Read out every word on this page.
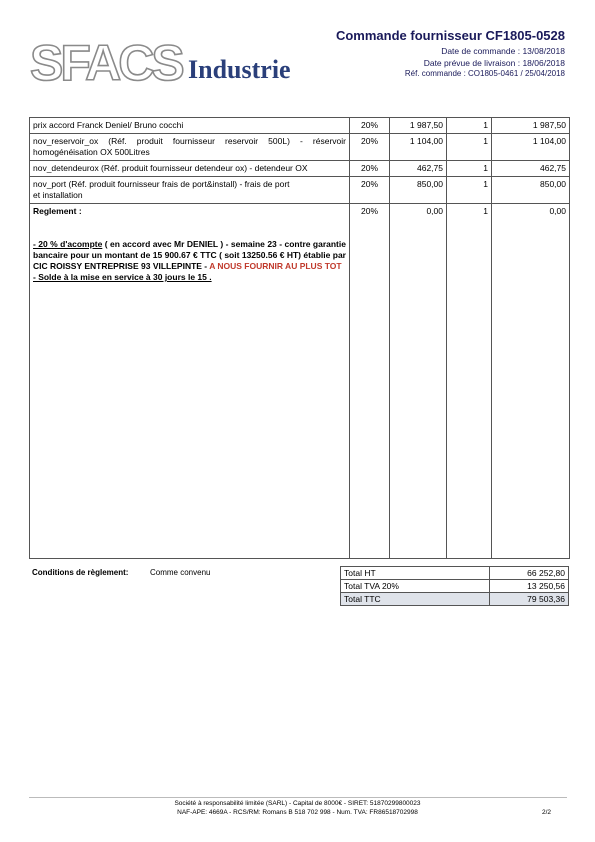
SFACS Industrie
Commande fournisseur CF1805-0528
Date de commande : 13/08/2018
Date prévue de livraison : 18/06/2018
Réf. commande : CO1805-0461 / 25/04/2018
prix accord Franck Deniel/ Bruno cocchi	20%	1 987,50	1	1 987,50
nov_reservoir_ox (Réf. produit fournisseur reservoir 500L) - réservoir homogénéisation OX 500Litres	20%	1 104,00	1	1 104,00
nov_detendeurox (Réf. produit fournisseur detendeur ox) - detendeur OX	20%	462,75	1	462,75

nov_port (Réf. produit fournisseur frais de port&install) - frais de port
et installation	20%	850,00	1	850,00

Reglement :
- 20 % d'acompte ( en accord avec Mr DENIEL ) - semaine 23 - contre garantie bancaire pour un montant de 15 900.67 € TTC ( soit 13250.56 € HT) établie par CIC ROISSY ENTREPRISE 93 VILLEPINTE - A NOUS FOURNIR AU PLUS TOT
- Solde à la mise en service à 30 jours le 15 .	20%	0,00	1	0,00
Conditions de règlement:	Comme convenu	Total HT	66 252,80
Total TVA 20%	13 250,56
Total TTC	79 503,36
Société à responsabilité limitée (SARL) - Capital de 8000€ - SIRET: 51870299800023
NAF-APE: 4669A - RCS/RM: Romans B 518 702 998 - Num. TVA: FR86518702998	2/2
